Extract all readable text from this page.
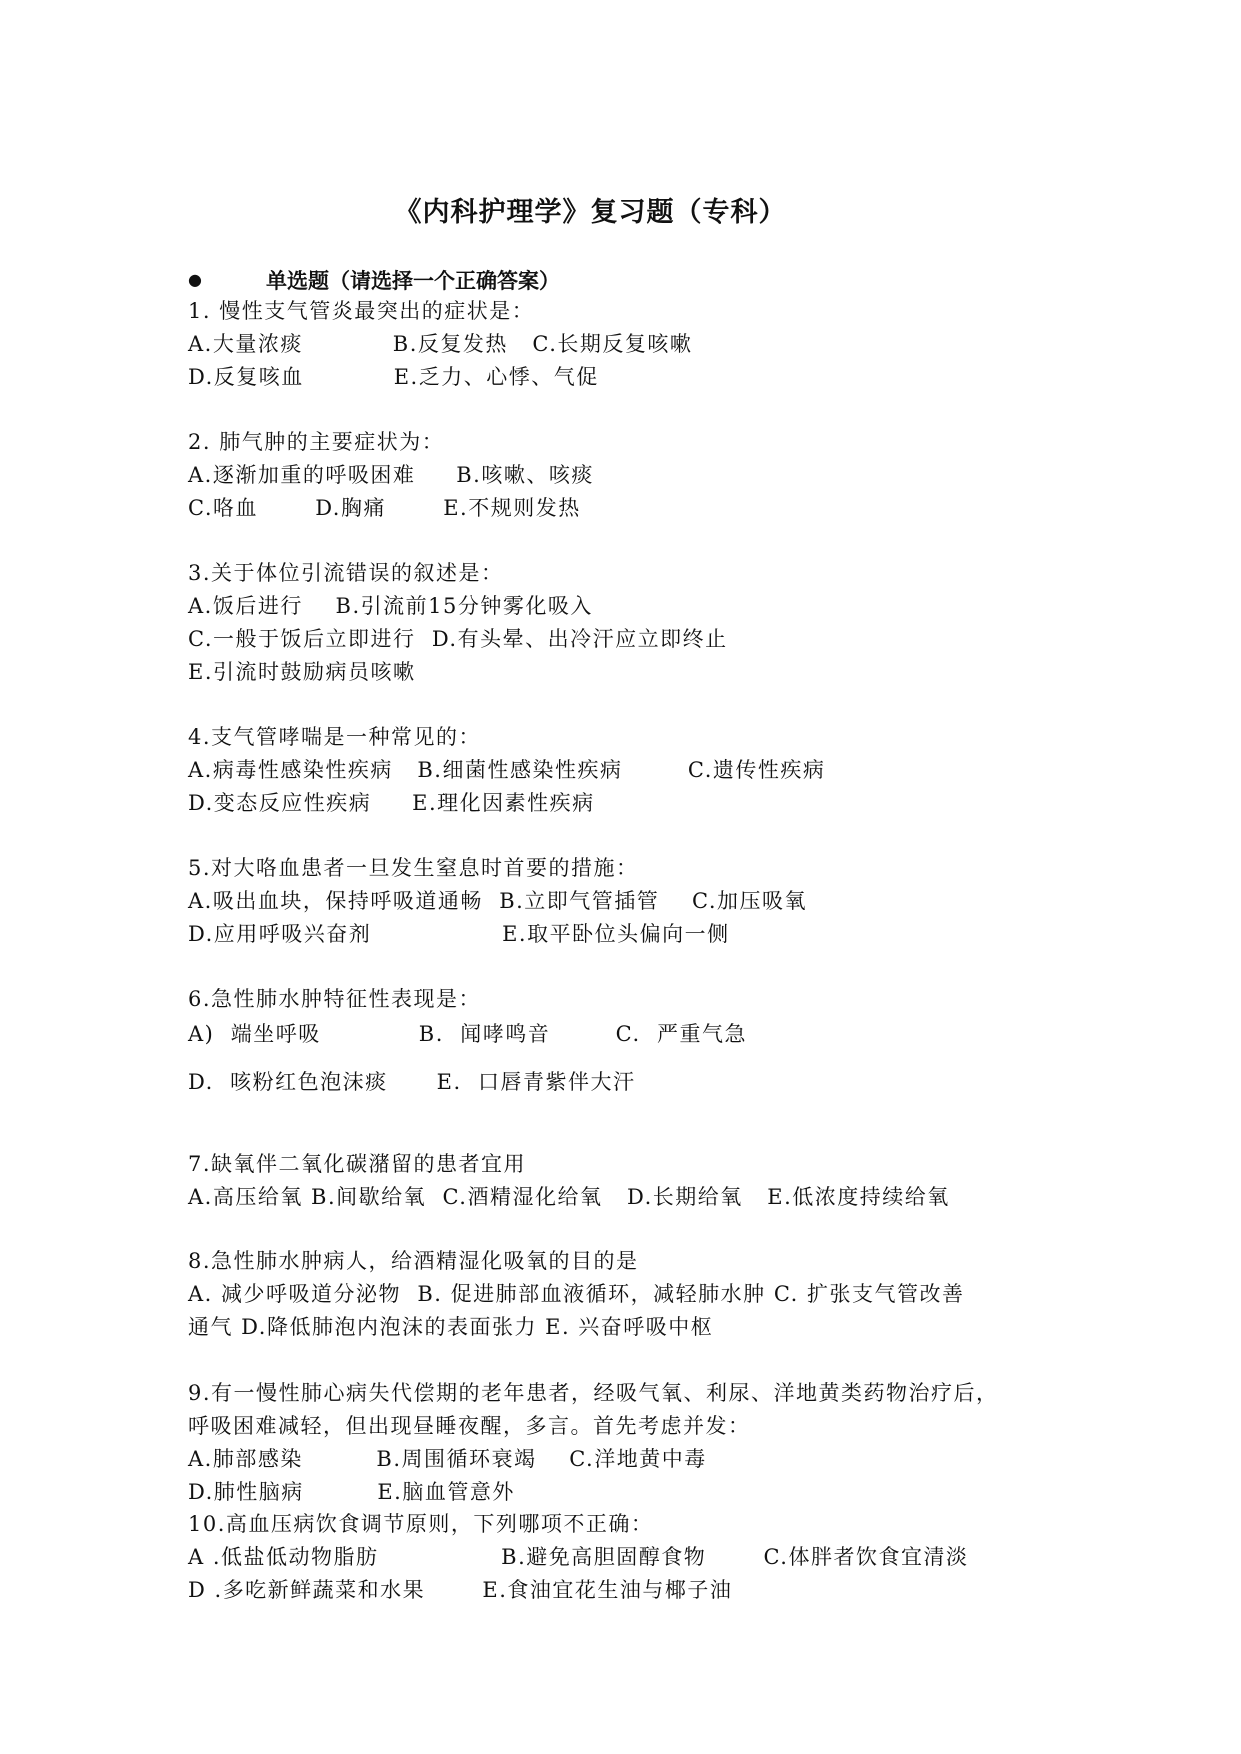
《内科护理学》复习题（专科）
●	单选题（请选择一个正确答案）
1. 慢性支气管炎最突出的症状是：
A.大量浓痰           B.反复发热   C.长期反复咳嗽
D.反复咳血           E.乏力、心悸、气促
2. 肺气肿的主要症状为：
A.逐渐加重的呼吸困难     B.咳嗽、咳痰
C.咯血       D.胸痛       E.不规则发热
3.关于体位引流错误的叙述是：
A.饭后进行    B.引流前15分钟雾化吸入
C.一般于饭后立即进行  D.有头晕、出冷汗应立即终止
E.引流时鼓励病员咳嗽
4.支气管哮喘是一种常见的：
A.病毒性感染性疾病   B.细菌性感染性疾病        C.遗传性疾病
D.变态反应性疾病     E.理化因素性疾病
5.对大咯血患者一旦发生窒息时首要的措施：
A.吸出血块，保持呼吸道通畅  B.立即气管插管    C.加压吸氧
D.应用呼吸兴奋剂                E.取平卧位头偏向一侧
6.急性肺水肿特征性表现是：
A)  端坐呼吸            B.  闻哮鸣音        C.  严重气急
D.  咳粉红色泡沫痰      E.  口唇青紫伴大汗
7.缺氧伴二氧化碳潴留的患者宜用
A.高压给氧 B.间歇给氧  C.酒精湿化给氧   D.长期给氧   E.低浓度持续给氧
8.急性肺水肿病人，给酒精湿化吸氧的目的是
A. 减少呼吸道分泌物  B. 促进肺部血液循环，减轻肺水肿 C. 扩张支气管改善
通气 D.降低肺泡内泡沫的表面张力 E. 兴奋呼吸中枢
9.有一慢性肺心病失代偿期的老年患者，经吸气氧、利尿、洋地黄类药物治疗后，
呼吸困难减轻，但出现昼睡夜醒，多言。首先考虑并发：
A.肺部感染         B.周围循环衰竭    C.洋地黄中毒
D.肺性脑病         E.脑血管意外
10.高血压病饮食调节原则，下列哪项不正确：
A .低盐低动物脂肪               B.避免高胆固醇食物       C.体胖者饮食宜清淡
D .多吃新鲜蔬菜和水果       E.食油宜花生油与椰子油
